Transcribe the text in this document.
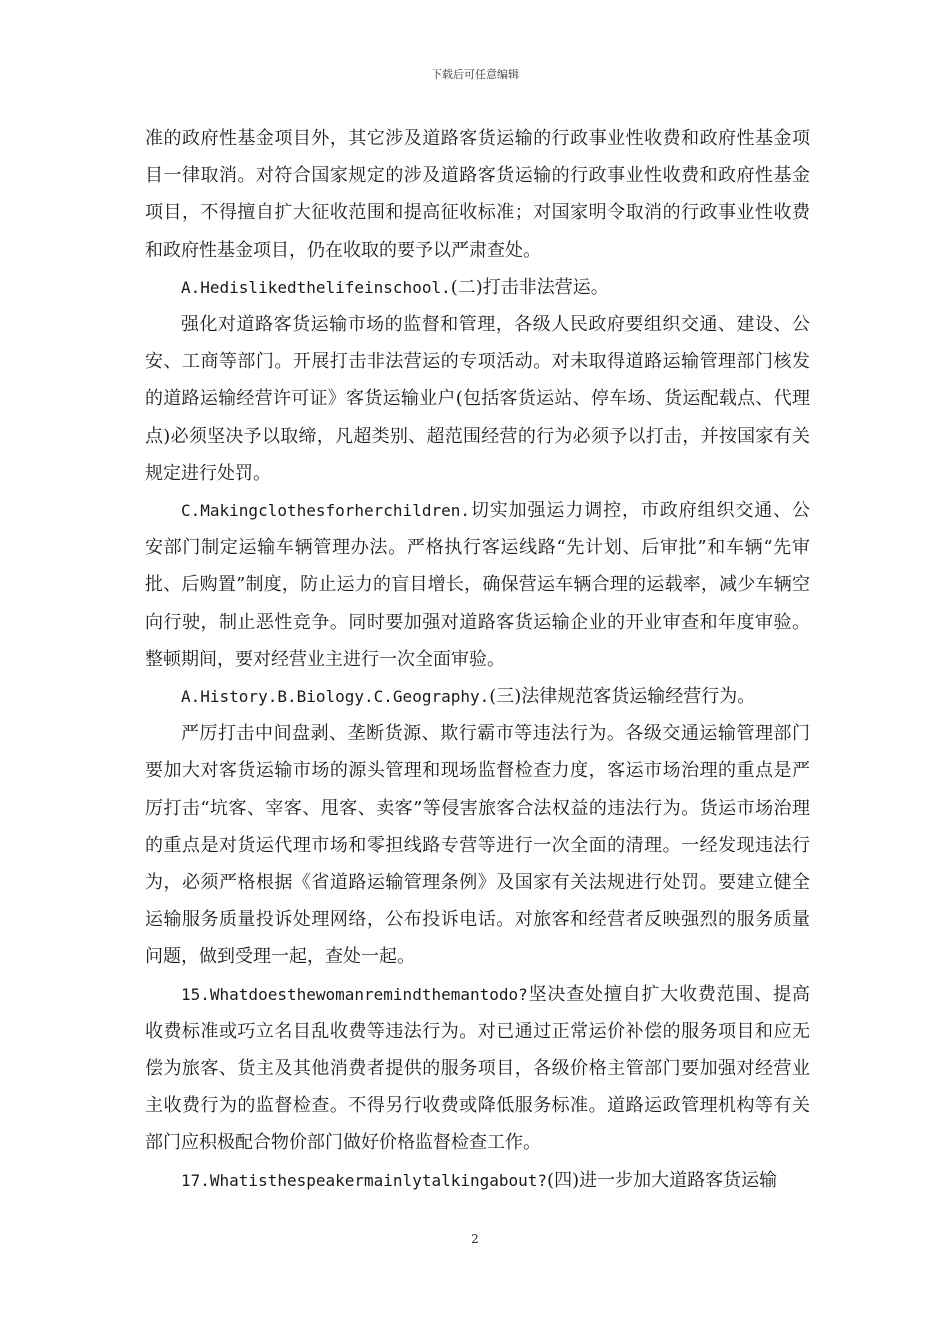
下载后可任意编辑

准的政府性基金项目外，其它涉及道路客货运输的行政事业性收费和政府性基金项目一律取消。对符合国家规定的涉及道路客货运输的行政事业性收费和政府性基金项目，不得擅自扩大征收范围和提高征收标准；对国家明令取消的行政事业性收费和政府性基金项目，仍在收取的要予以严肃查处。

A.Hedislikedthelifeinschool.(二)打击非法营运。

强化对道路客货运输市场的监督和管理，各级人民政府要组织交通、建设、公安、工商等部门。开展打击非法营运的专项活动。对未取得道路运输管理部门核发的道路运输经营许可证》客货运输业户(包括客货运站、停车场、货运配载点、代理点)必须坚决予以取缔，凡超类别、超范围经营的行为必须予以打击，并按国家有关规定进行处罚。

C.Makingclothesforherchildren.切实加强运力调控，市政府组织交通、公安部门制定运输车辆管理办法。严格执行客运线路“先计划、后审批”和车辆“先审批、后购置”制度，防止运力的盲目增长，确保营运车辆合理的运载率，减少车辆空向行驶，制止恶性竞争。同时要加强对道路客货运输企业的开业审查和年度审验。整顿期间，要对经营业主进行一次全面审验。

A.History.B.Biology.C.Geography.(三)法律规范客货运输经营行为。

严厉打击中间盘剥、垄断货源、欺行霸市等违法行为。各级交通运输管理部门要加大对客货运输市场的源头管理和现场监督检查力度，客运市场治理的重点是严厉打击“坑客、宰客、甩客、卖客”等侵害旅客合法权益的违法行为。货运市场治理的重点是对货运代理市场和零担线路专营等进行一次全面的清理。一经发现违法行为，必须严格根据《省道路运输管理条例》及国家有关法规进行处罚。要建立健全运输服务质量投诉处理网络，公布投诉电话。对旅客和经营者反映强烈的服务质量问题，做到受理一起，查处一起。

15.Whatdoesthewomanremindthemantodo?坚决查处擅自扩大收费范围、提高收费标准或巧立名目乱收费等违法行为。对已通过正常运价补偿的服务项目和应无偿为旅客、货主及其他消费者提供的服务项目，各级价格主管部门要加强对经营业主收费行为的监督检查。不得另行收费或降低服务标准。道路运政管理机构等有关部门应积极配合物价部门做好价格监督检查工作。

17.Whatisthespeakermainlytalkingabout?(四)进一步加大道路客货运输

2
